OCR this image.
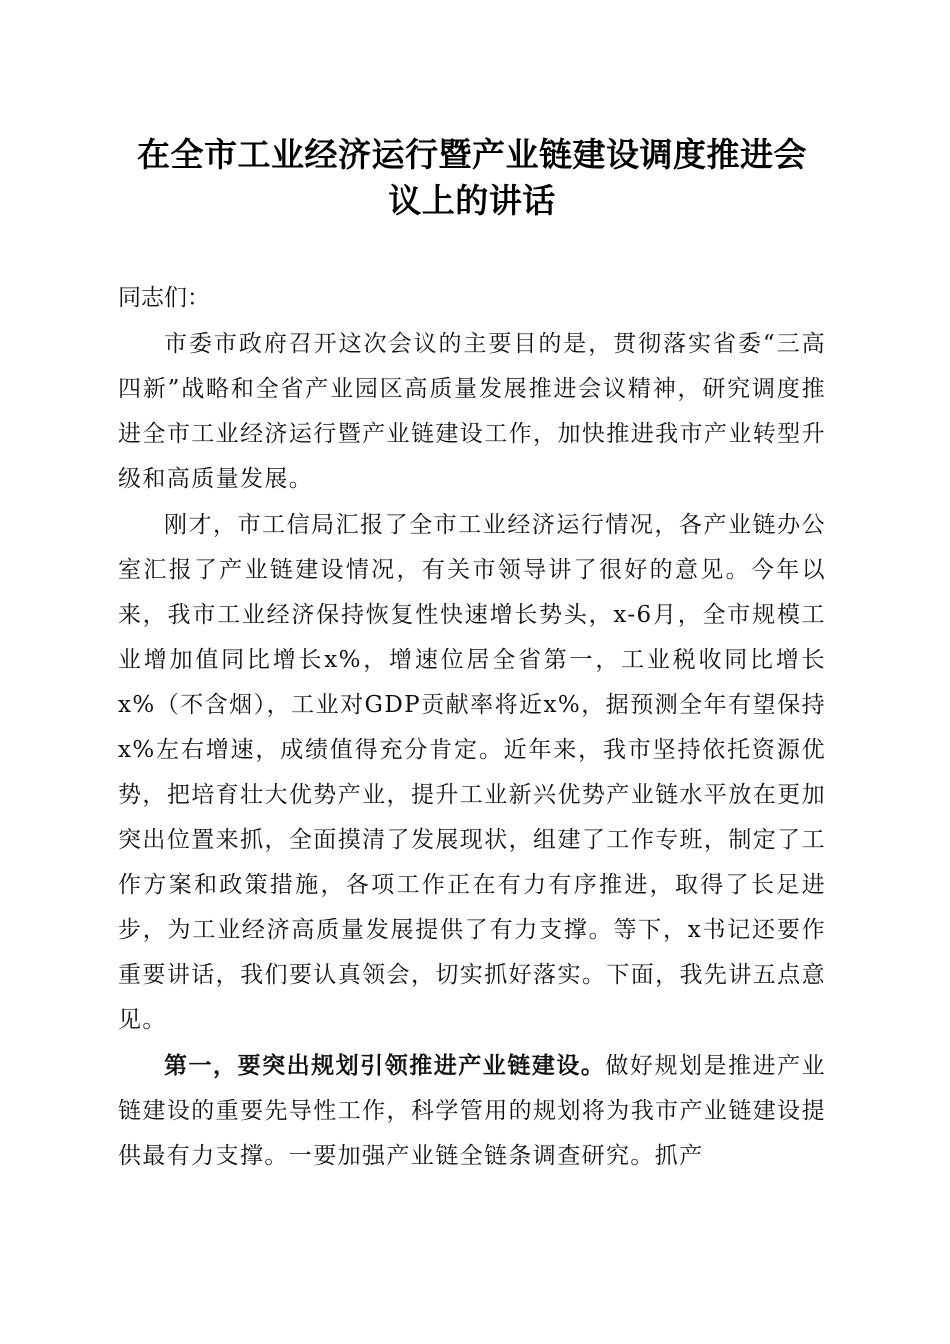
在全市工业经济运行暨产业链建设调度推进会
议上的讲话

同志们：

市委市政府召开这次会议的主要目的是，贯彻落实省委“三高四新”战略和全省产业园区高质量发展推进会议精神，研究调度推进全市工业经济运行暨产业链建设工作，加快推进我市产业转型升级和高质量发展。

刚才，市工信局汇报了全市工业经济运行情况，各产业链办公室汇报了产业链建设情况，有关市领导讲了很好的意见。今年以来，我市工业经济保持恢复性快速增长势头，x-6月，全市规模工业增加值同比增长x%，增速位居全省第一，工业税收同比增长x%（不含烟），工业对GDP贡献率将近x%，据预测全年有望保持x%左右增速，成绩值得充分肯定。近年来，我市坚持依托资源优势，把培育壮大优势产业，提升工业新兴优势产业链水平放在更加突出位置来抓，全面摸清了发展现状，组建了工作专班，制定了工作方案和政策措施，各项工作正在有力有序推进，取得了长足进步，为工业经济高质量发展提供了有力支撑。等下，x书记还要作重要讲话，我们要认真领会，切实抓好落实。下面，我先讲五点意见。

第一，要突出规划引领推进产业链建设。做好规划是推进产业链建设的重要先导性工作，科学管用的规划将为我市产业链建设提供最有力支撑。一要加强产业链全链条调查研究。抓产
